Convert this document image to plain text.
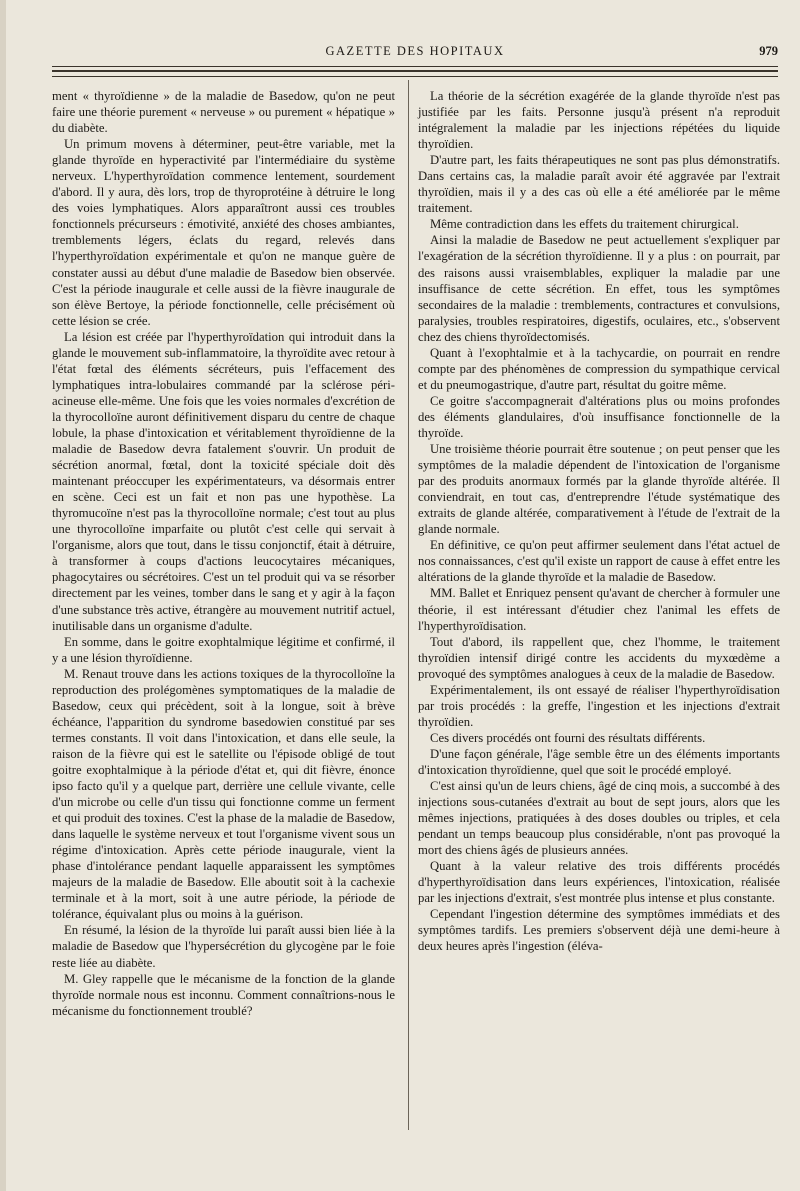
GAZETTE DES HOPITAUX	979

ment « thyroïdienne » de la maladie de Basedow, qu'on ne peut faire une théorie purement « nerveuse » ou purement « hépatique » du diabète.

Un primum movens à déterminer, peut-être variable, met la glande thyroïde en hyperactivité par l'intermédiaire du système nerveux. L'hyperthyroïdation commence lentement, sourdement d'abord. Il y aura, dès lors, trop de thyroprotéine à détruire le long des voies lymphatiques. Alors apparaîtront aussi ces troubles fonctionnels précurseurs : émotivité, anxiété des choses ambiantes, tremblements légers, éclats du regard, relevés dans l'hyperthyroïdation expérimentale et qu'on ne manque guère de constater aussi au début d'une maladie de Basedow bien observée. C'est la période inaugurale et celle aussi de la fièvre inaugurale de son élève Bertoye, la période fonctionnelle, celle précisément où cette lésion se crée.

La lésion est créée par l'hyperthyroïdation qui introduit dans la glande le mouvement sub-inflammatoire, la thyroïdite avec retour à l'état fœtal des éléments sécréteurs, puis l'effacement des lymphatiques intra-lobulaires commandé par la sclérose péri-acineuse elle-même. Une fois que les voies normales d'excrétion de la thyrocolloïne auront définitivement disparu du centre de chaque lobule, la phase d'intoxication et véritablement thyroïdienne de la maladie de Basedow devra fatalement s'ouvrir. Un produit de sécrétion anormal, fœtal, dont la toxicité spéciale doit dès maintenant préoccuper les expérimentateurs, va désormais entrer en scène. Ceci est un fait et non pas une hypothèse. La thyromucoïne n'est pas la thyrocolloïne normale; c'est tout au plus une thyrocolloïne imparfaite ou plutôt c'est celle qui servait à l'organisme, alors que tout, dans le tissu conjonctif, était à détruire, à transformer à coups d'actions leucocytaires mécaniques, phagocytaires ou sécrétoires. C'est un tel produit qui va se résorber directement par les veines, tomber dans le sang et y agir à la façon d'une substance très active, étrangère au mouvement nutritif actuel, inutilisable dans un organisme d'adulte.

En somme, dans le goitre exophtalmique légitime et confirmé, il y a une lésion thyroïdienne.

M. Renaut trouve dans les actions toxiques de la thyrocolloïne la reproduction des prolégomènes symptomatiques de la maladie de Basedow, ceux qui précèdent, soit à la longue, soit à brève échéance, l'apparition du syndrome basedowien constitué par ses termes constants. Il voit dans l'intoxication, et dans elle seule, la raison de la fièvre qui est le satellite ou l'épisode obligé de tout goitre exophtalmique à la période d'état et, qui dit fièvre, énonce ipso facto qu'il y a quelque part, derrière une cellule vivante, celle d'un microbe ou celle d'un tissu qui fonctionne comme un ferment et qui produit des toxines. C'est la phase de la maladie de Basedow, dans laquelle le système nerveux et tout l'organisme vivent sous un régime d'intoxication. Après cette période inaugurale, vient la phase d'intolérance pendant laquelle apparaissent les symptômes majeurs de la maladie de Basedow. Elle aboutit soit à la cachexie terminale et à la mort, soit à une autre période, la période de tolérance, équivalant plus ou moins à la guérison.

En résumé, la lésion de la thyroïde lui paraît aussi bien liée à la maladie de Basedow que l'hypersécrétion du glycogène par le foie reste liée au diabète.

M. Gley rappelle que le mécanisme de la fonction de la glande thyroïde normale nous est inconnu. Comment connaîtrions-nous le mécanisme du fonctionnement troublé?

La théorie de la sécrétion exagérée de la glande thyroïde n'est pas justifiée par les faits. Personne jusqu'à présent n'a reproduit intégralement la maladie par les injections répétées du liquide thyroïdien.

D'autre part, les faits thérapeutiques ne sont pas plus démonstratifs. Dans certains cas, la maladie paraît avoir été aggravée par l'extrait thyroïdien, mais il y a des cas où elle a été améliorée par le même traitement.

Même contradiction dans les effets du traitement chirurgical.

Ainsi la maladie de Basedow ne peut actuellement s'expliquer par l'exagération de la sécrétion thyroïdienne. Il y a plus : on pourrait, par des raisons aussi vraisemblables, expliquer la maladie par une insuffisance de cette sécrétion. En effet, tous les symptômes secondaires de la maladie : tremblements, contractures et convulsions, paralysies, troubles respiratoires, digestifs, oculaires, etc., s'observent chez des chiens thyroïdectomisés.

Quant à l'exophtalmie et à la tachycardie, on pourrait en rendre compte par des phénomènes de compression du sympathique cervical et du pneumogastrique, d'autre part, résultat du goitre même.

Ce goitre s'accompagnerait d'altérations plus ou moins profondes des éléments glandulaires, d'où insuffisance fonctionnelle de la thyroïde.

Une troisième théorie pourrait être soutenue ; on peut penser que les symptômes de la maladie dépendent de l'intoxication de l'organisme par des produits anormaux formés par la glande thyroïde altérée. Il conviendrait, en tout cas, d'entreprendre l'étude systématique des extraits de glande altérée, comparativement à l'étude de l'extrait de la glande normale.

En définitive, ce qu'on peut affirmer seulement dans l'état actuel de nos connaissances, c'est qu'il existe un rapport de cause à effet entre les altérations de la glande thyroïde et la maladie de Basedow.

MM. Ballet et Enriquez pensent qu'avant de chercher à formuler une théorie, il est intéressant d'étudier chez l'animal les effets de l'hyperthyroïdisation.

Tout d'abord, ils rappellent que, chez l'homme, le traitement thyroïdien intensif dirigé contre les accidents du myxœdème a provoqué des symptômes analogues à ceux de la maladie de Basedow.

Expérimentalement, ils ont essayé de réaliser l'hyperthyroïdisation par trois procédés : la greffe, l'ingestion et les injections d'extrait thyroïdien.

Ces divers procédés ont fourni des résultats différents.

D'une façon générale, l'âge semble être un des éléments importants d'intoxication thyroïdienne, quel que soit le procédé employé.

C'est ainsi qu'un de leurs chiens, âgé de cinq mois, a succombé à des injections sous-cutanées d'extrait au bout de sept jours, alors que les mêmes injections, pratiquées à des doses doubles ou triples, et cela pendant un temps beaucoup plus considérable, n'ont pas provoqué la mort des chiens âgés de plusieurs années.

Quant à la valeur relative des trois différents procédés d'hyperthyroïdisation dans leurs expériences, l'intoxication, réalisée par les injections d'extrait, s'est montrée plus intense et plus constante.

Cependant l'ingestion détermine des symptômes immédiats et des symptômes tardifs. Les premiers s'observent déjà une demi-heure à deux heures après l'ingestion (éléva-
